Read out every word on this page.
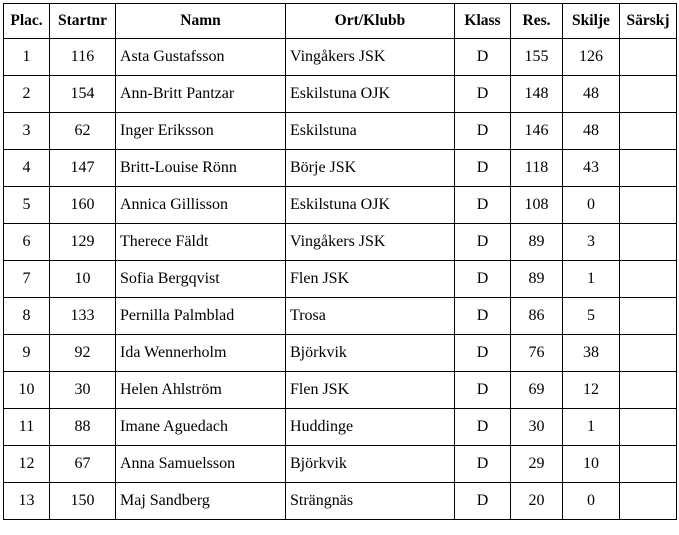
Plac.	Startnr	Namn	Ort/Klubb	Klass	Res.	Skilje	Särskj
1	116	Asta Gustafsson	Vingåkers JSK	D	155	126	
2	154	Ann-Britt Pantzar	Eskilstuna OJK	D	148	48	
3	62	Inger Eriksson	Eskilstuna	D	146	48	
4	147	Britt-Louise Rönn	Börje JSK	D	118	43	
5	160	Annica Gillisson	Eskilstuna OJK	D	108	0	
6	129	Therece Fäldt	Vingåkers JSK	D	89	3	
7	10	Sofia Bergqvist	Flen JSK	D	89	1	
8	133	Pernilla Palmblad	Trosa	D	86	5	
9	92	Ida Wennerholm	Björkvik	D	76	38	
10	30	Helen Ahlström	Flen JSK	D	69	12	
11	88	Imane Aguedach	Huddinge	D	30	1	
12	67	Anna Samuelsson	Björkvik	D	29	10	
13	150	Maj Sandberg	Strängnäs	D	20	0	
